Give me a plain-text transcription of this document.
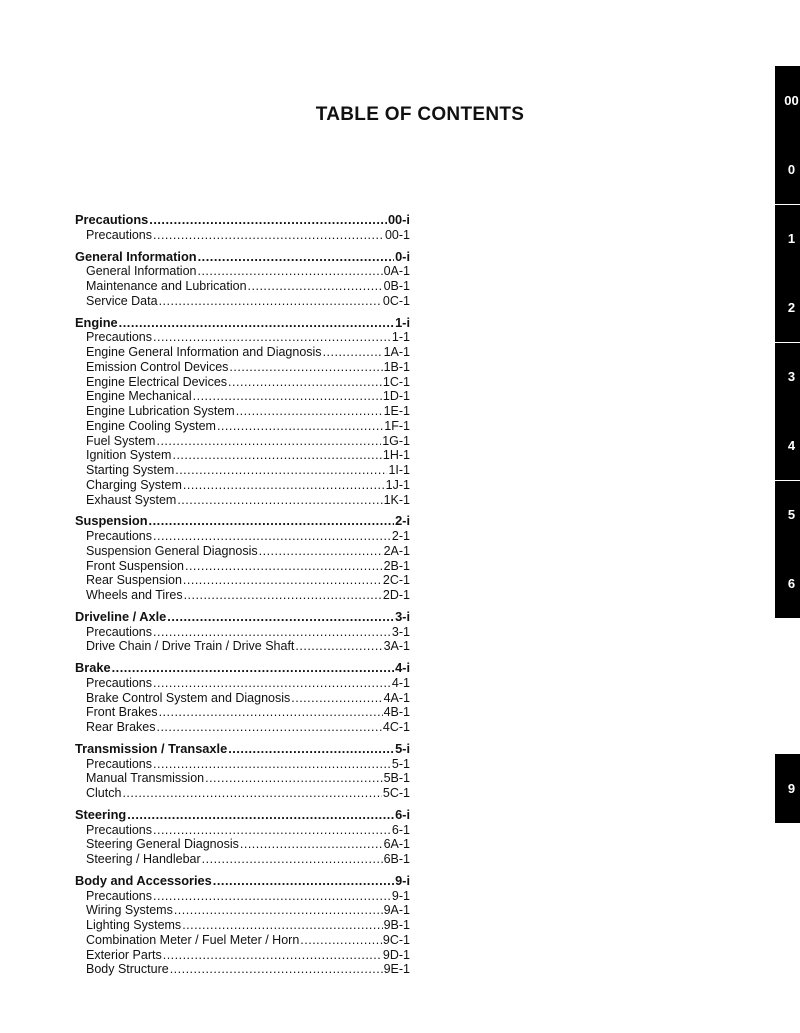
TABLE OF CONTENTS
Precautions .....	00-i
Precautions .....	00-1
General Information .....	0-i
General Information .....	0A-1
Maintenance and Lubrication .....	0B-1
Service Data .....	0C-1
Engine .....	1-i
Precautions .....	1-1
Engine General Information and Diagnosis .....	1A-1
Emission Control Devices .....	1B-1
Engine Electrical Devices .....	1C-1
Engine Mechanical .....	1D-1
Engine Lubrication System .....	1E-1
Engine Cooling System .....	1F-1
Fuel System .....	1G-1
Ignition System .....	1H-1
Starting System .....	1I-1
Charging System .....	1J-1
Exhaust System .....	1K-1
Suspension .....	2-i
Precautions .....	2-1
Suspension General Diagnosis .....	2A-1
Front Suspension .....	2B-1
Rear Suspension .....	2C-1
Wheels and Tires .....	2D-1
Driveline / Axle .....	3-i
Precautions .....	3-1
Drive Chain / Drive Train / Drive Shaft .....	3A-1
Brake .....	4-i
Precautions .....	4-1
Brake Control System and Diagnosis .....	4A-1
Front Brakes .....	4B-1
Rear Brakes .....	4C-1
Transmission / Transaxle .....	5-i
Precautions .....	5-1
Manual Transmission .....	5B-1
Clutch .....	5C-1
Steering .....	6-i
Precautions .....	6-1
Steering General Diagnosis .....	6A-1
Steering / Handlebar .....	6B-1
Body and Accessories .....	9-i
Precautions .....	9-1
Wiring Systems .....	9A-1
Lighting Systems .....	9B-1
Combination Meter / Fuel Meter / Horn .....	9C-1
Exterior Parts .....	9D-1
Body Structure .....	9E-1
00
0
1
2
3
4
5
6
9
